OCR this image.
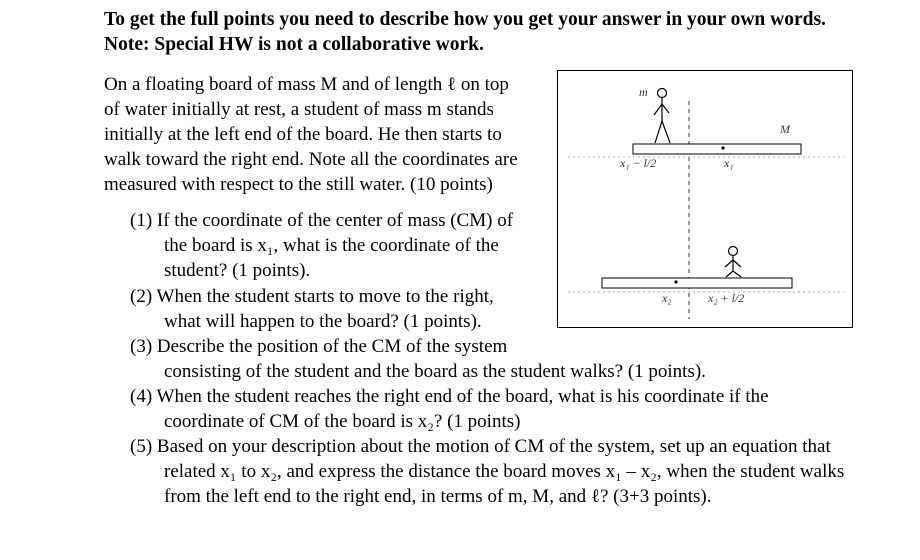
To get the full points you need to describe how you get your answer in your own words.
Note: Special HW is not a collaborative work.
On a floating board of mass M and of length ℓ on top
of water initially at rest, a student of mass m stands
initially at the left end of the board. He then starts to
walk toward the right end. Note all the coordinates are
measured with respect to the still water. (10 points)
(1) If the coordinate of the center of mass (CM) of
the board is x₁, what is the coordinate of the
student? (1 points).
(2) When the student starts to move to the right,
what will happen to the board? (1 points).
(3) Describe the position of the CM of the system
consisting of the student and the board as the student walks? (1 points).
(4) When the student reaches the right end of the board, what is his coordinate if the
coordinate of CM of the board is x₂? (1 points)
(5) Based on your description about the motion of CM of the system, set up an equation that
related x₁ to x₂, and express the distance the board moves x₁ – x₂, when the student walks
from the left end to the right end, in terms of m, M, and ℓ? (3+3 points).
m
M
x₁ − l/2	x₁
x₂	x₂ + l/2
